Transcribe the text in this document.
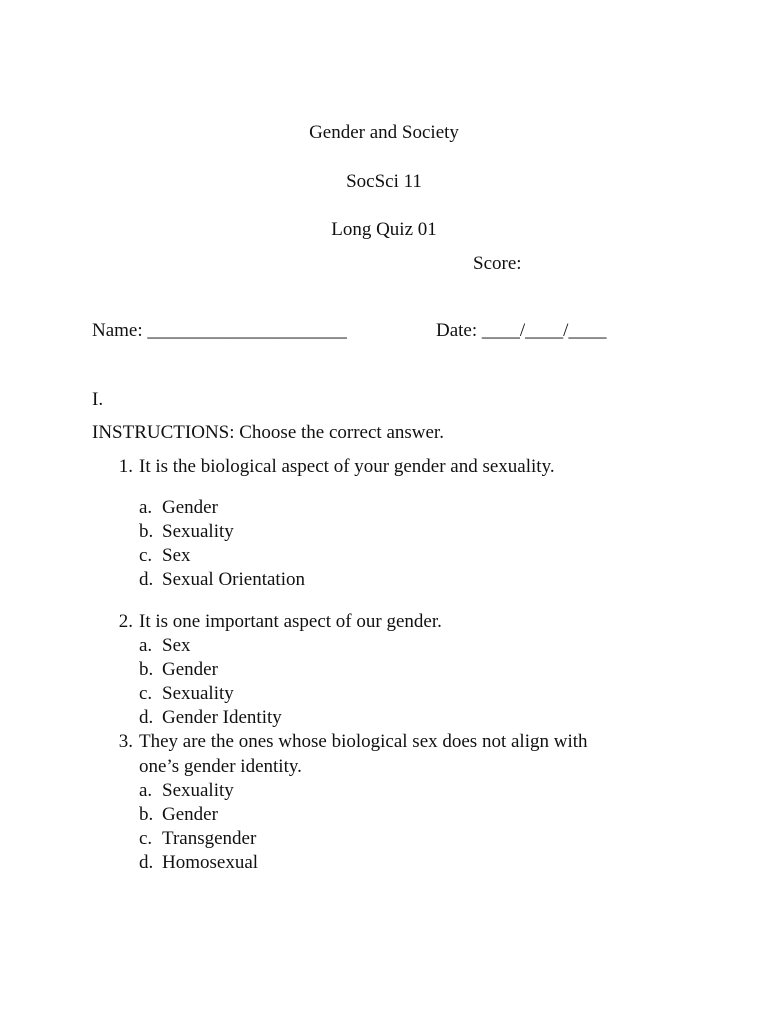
Gender and Society
SocSci 11
Long Quiz 01
Score:
Name: _____________________	Date: ____/____/____
I.
INSTRUCTIONS: Choose the correct answer.
1. It is the biological aspect of your gender and sexuality.
a. Gender
b. Sexuality
c. Sex
d. Sexual Orientation
2. It is one important aspect of our gender.
a. Sex
b. Gender
c. Sexuality
d. Gender Identity
3. They are the ones whose biological sex does not align with
one’s gender identity.
a. Sexuality
b. Gender
c. Transgender
d. Homosexual
